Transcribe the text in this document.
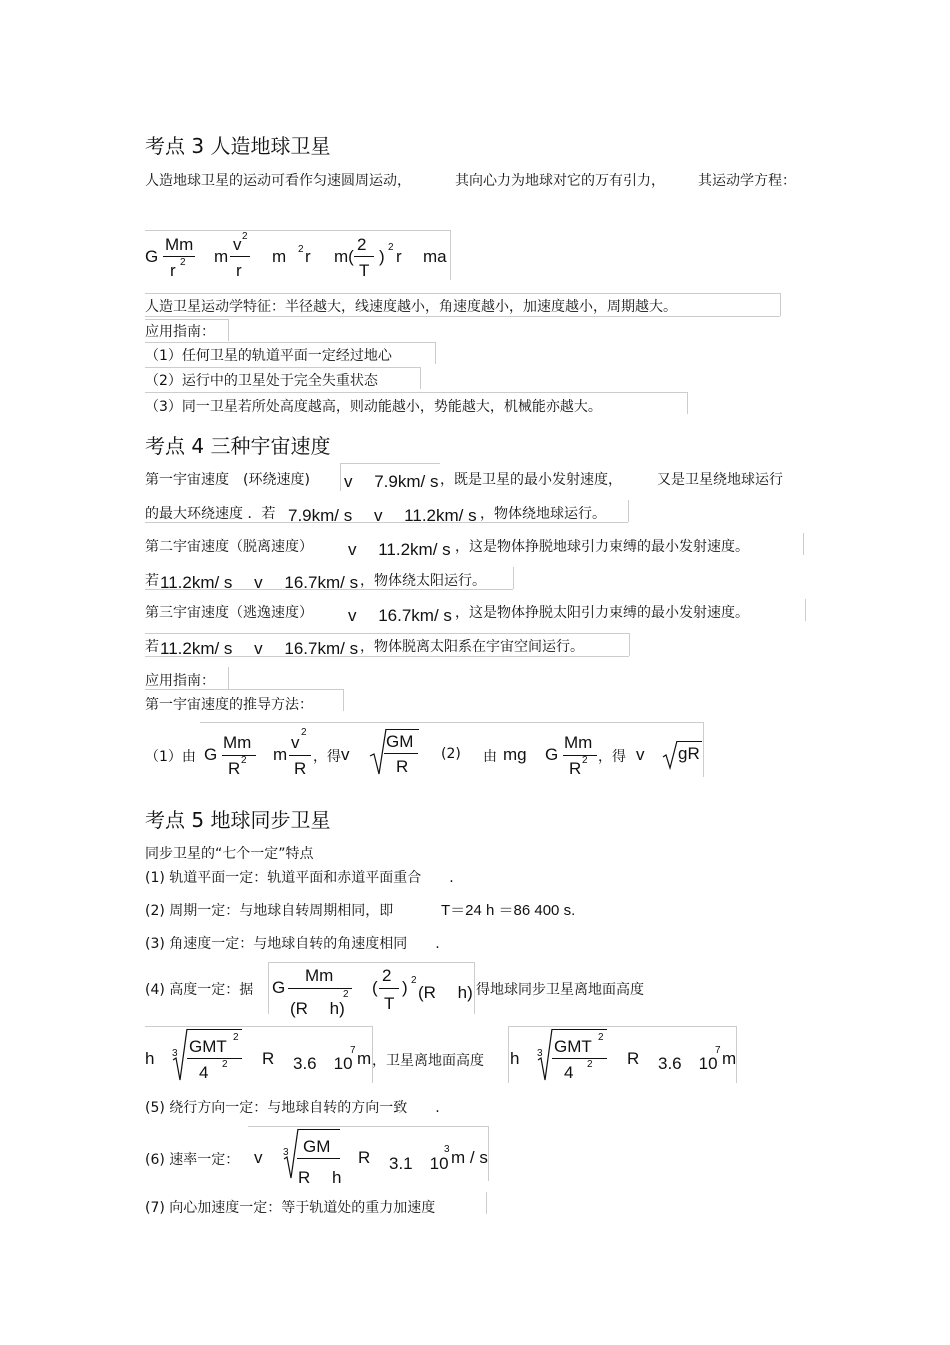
考点 3 人造地球卫星
人造地球卫星的运动可看作匀速圆周运动，	其向心力为地球对它的万有引力， 其运动学方程：
G
Mm
r 2 m
v 2
r
m 2 r m(
2
T
) 2 r ma
人造卫星运动学特征：半径越大，线速度越小，角速度越小，加速度越小，周期越大。
应用指南：
（1）任何卫星的轨道平面一定经过地心
（2）运行中的卫星处于完全失重状态
（3）同一卫星若所处高度越高，则动能越小，势能越大，机械能亦越大。
考点 4 三种宇宙速度
第一宇宙速度　(环绕速度) v　 7.9km/ s ，既是卫星的最小发射速度，	又是卫星绕地球运行
的最大环绕速度 ．若 7.9km/ s　 v　 11.2km/ s ，物体绕地球运行。
第二宇宙速度（脱离速度） v　 11.2km/ s ，这是物体挣脱地球引力束缚的最小发射速度。
若 11.2km/ s　 v　 16.7km/ s ，物体绕太阳运行。
第三宇宙速度（逃逸速度） v　 16.7km/ s ，这是物体挣脱太阳引力束缚的最小发射速度。
若 11.2km/ s　 v　 16.7km/ s ，物体脱离太阳系在宇宙空间运行。
应用指南：
第一宇宙速度的推导方法：
（1）由 G
Mm
R 2 m
v
2
R
，得 v
GM
R
(2) 由 mg G
Mm
R 2 ，得 v gR
考点 5 地球同步卫星
同步卫星的“七个一定”特点
(1) 轨道平面一定：轨道平面和赤道平面重合　　.
(2) 周期一定：与地球自转周期相同，即	T＝24 h ＝86 400 s.
(3) 角速度一定：与地球自转的角速度相同　　.
(4) 高度一定：据 G
Mm
(R　 h)
2 (
2
T
) 2
(R　 h) 得地球同步卫星离地面高度
h 3 GMT 2
4 2 R 3.6　10
7 m ，卫星离地面高度 h 3 GMT 2
4 2 R 3.6　10
7 m
(5) 绕行方向一定：与地球自转的方向一致　　.
(6) 速率一定： v 3 GM
R　 h
R 3.1　10
3 m / s
(7) 向心加速度一定：等于轨道处的重力加速度
